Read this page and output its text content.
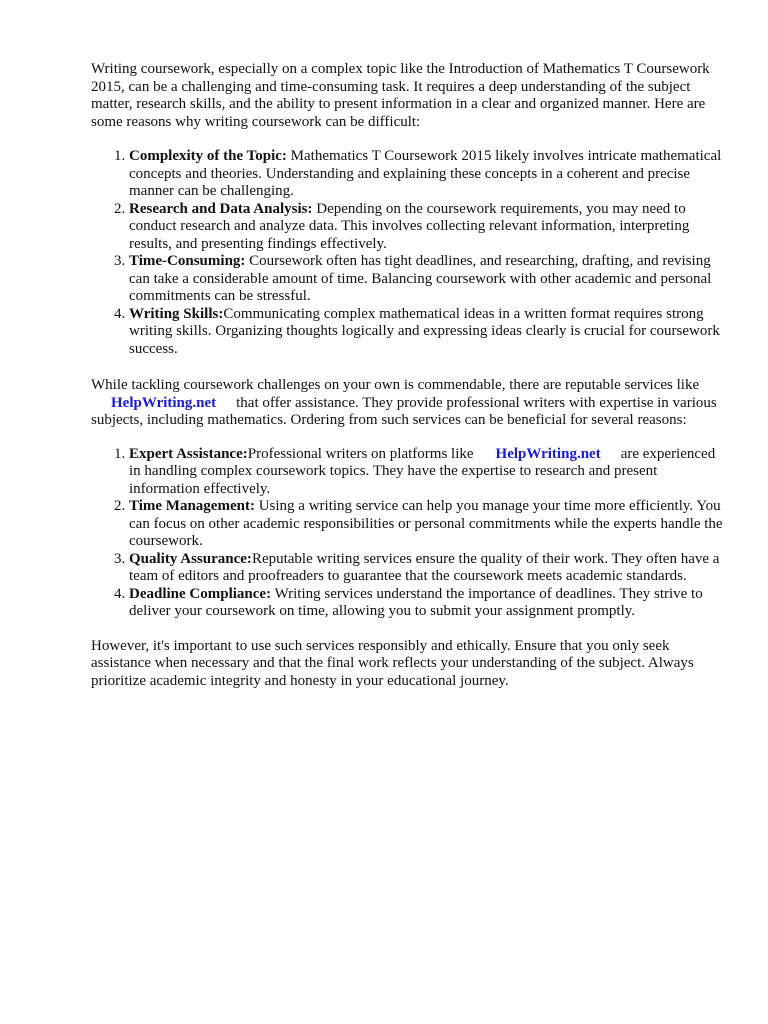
Writing coursework, especially on a complex topic like the Introduction of Mathematics T Coursework 2015, can be a challenging and time-consuming task. It requires a deep understanding of the subject matter, research skills, and the ability to present information in a clear and organized manner. Here are some reasons why writing coursework can be difficult:

1. Complexity of the Topic: Mathematics T Coursework 2015 likely involves intricate mathematical concepts and theories. Understanding and explaining these concepts in a coherent and precise manner can be challenging.
2. Research and Data Analysis: Depending on the coursework requirements, you may need to conduct research and analyze data. This involves collecting relevant information, interpreting results, and presenting findings effectively.
3. Time-Consuming: Coursework often has tight deadlines, and researching, drafting, and revising can take a considerable amount of time. Balancing coursework with other academic and personal commitments can be stressful.
4. Writing Skills:Communicating complex mathematical ideas in a written format requires strong writing skills. Organizing thoughts logically and expressing ideas clearly is crucial for coursework success.

While tackling coursework challenges on your own is commendable, there are reputable services like
HelpWriting.net that offer assistance. They provide professional writers with expertise in various subjects, including mathematics. Ordering from such services can be beneficial for several reasons:

1. Expert Assistance:Professional writers on platforms like HelpWriting.net are experienced in handling complex coursework topics. They have the expertise to research and present information effectively.
2. Time Management: Using a writing service can help you manage your time more efficiently. You can focus on other academic responsibilities or personal commitments while the experts handle the coursework.
3. Quality Assurance:Reputable writing services ensure the quality of their work. They often have a team of editors and proofreaders to guarantee that the coursework meets academic standards.
4. Deadline Compliance: Writing services understand the importance of deadlines. They strive to deliver your coursework on time, allowing you to submit your assignment promptly.

However, it's important to use such services responsibly and ethically. Ensure that you only seek assistance when necessary and that the final work reflects your understanding of the subject. Always prioritize academic integrity and honesty in your educational journey.
